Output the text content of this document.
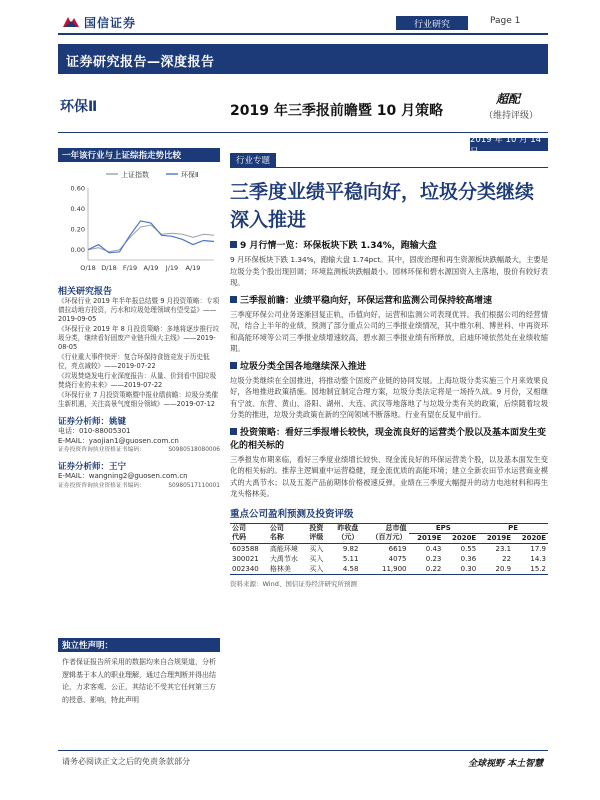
国信证券	行业研究	Page 1
证券研究报告—深度报告
环保Ⅱ	2019 年三季报前瞻暨 10 月策略
超配
（维持评级）
2019 年 10 月 14 日
一年该行业与上证综指走势比较
上证指数	环保Ⅱ
0.00
0.20
0.40
0.60
O/18 D/18 F/19 A/19 J/19 A/19
相关研究报告
《环保行业 2019 年半年报总结暨 9 月投资策略：专项债拉动地方投资，污水和垃圾处理领域有望受益》——2019-09-05
《环保行业 2019 年 8 月投资策略：多地将逐步推行垃圾分类，继续看好固废产业链升级大主线》——2019-08-05
《行业重大事件快评：复合环保持食链竞发于历史低位，亮点减较》——2019-07-22
《垃圾焚烧发电行业深度报告：从量、价到看中国垃圾焚烧行业的未来》——2019-07-22
《环保行业 7 月投资策略暨中报业绩前瞻：垃圾分类催生新机遇，关注高景气度细分领域》——2019-07-12
证券分析师：姚键
电话：010-88005301
E-MAIL：yaojian1@guosen.com.cn
证券投资咨询执业资格证书编码：	S0980518080006
证券分析师：王宁
E-MAIL：wangning2@guosen.com.cn
证券投资咨询执业资格证书编码：	S0980517110001
独立性声明：
作者保证报告所采用的数据均来自合规渠道，分析逻辑基于本人的职业理解，通过合理判断并得出结论，力求客观、公正，其结论不受其它任何第三方的授意、影响，特此声明
行业专题
三季度业绩平稳向好，垃圾分类继续深入推进
9 月行情一览：环保板块下跌 1.34%，跑输大盘
9 月环保板块下跌 1.34%，跑输大盘 1.74pct。其中，固废治理和再生资源板块跌幅最大，主要是垃圾分类个股出现回调；环境监测板块跌幅最小。园林环保和碧水源国资入主落地，股价有较好表现。
三季报前瞻：业绩平稳向好，环保运营和监测公司保持较高增速
三季度环保公司业务逐渐回复正轨，币值向好，运营和监测公司表现优异。我们根据公司的经营情况，结合上半年的业绩，预测了部分重点公司的三季报业绩情况，其中维尔利、博世科、中再资环和高能环境等公司三季报业绩增速较高，碧水源三季报业绩有所释放，启迪环境依然处在业绩收缩期。
垃圾分类全国各地继续深入推进
垃圾分类继续在全国推进，将推动整个固废产业链的协同发展。上海垃圾分类实施三个月来效果良好，各地推进政策措施。园地制宜制定合理方案，垃圾分类法定将是一场持久战。9 月份，又相继有宁波、东营、黄山、洛阳、湖州、大连、武汉等地落地了与垃圾分类有关的政策，后续随着垃圾分类的推进，垃圾分类政策在新的空间领域不断落地。行业有望在反复中前行。
投资策略：看好三季报增长较快，现金流良好的运营类个股以及基本面发生变化的相关标的
三季报发布期来临，看好三季度业绩增长较快、现金流良好的环保运营类个股，以及基本面发生变化的相关标的。推荐主逻辑重中运营稳健，现金流优质的高能环境；建立全新农田节水运营商业模式的大禹节水；以及五菱产品前期体价格被速反弹，业绩在三季度大幅提升的动力电池材料和再生龙头格林美。
重点公司盈利预测及投资评级
公司	公司	投资	昨收盘	总市值	EPS		PE	
代码	名称	评级	（元）	（百万元）	2019E	2020E	2019E	2020E
603588	高能环境	买入	9.82	6619	0.43	0.55	23.1	17.9
300021	大禹节水	买入	5.11	4075	0.23	0.36	22	14.3
002340	格林美	买入	4.58	11,900	0.22	0.30	20.9	15.2
资料来源：Wind、国信证券经济研究所预测
请务必阅读正文之后的免责条款部分	全球视野 本土智慧
